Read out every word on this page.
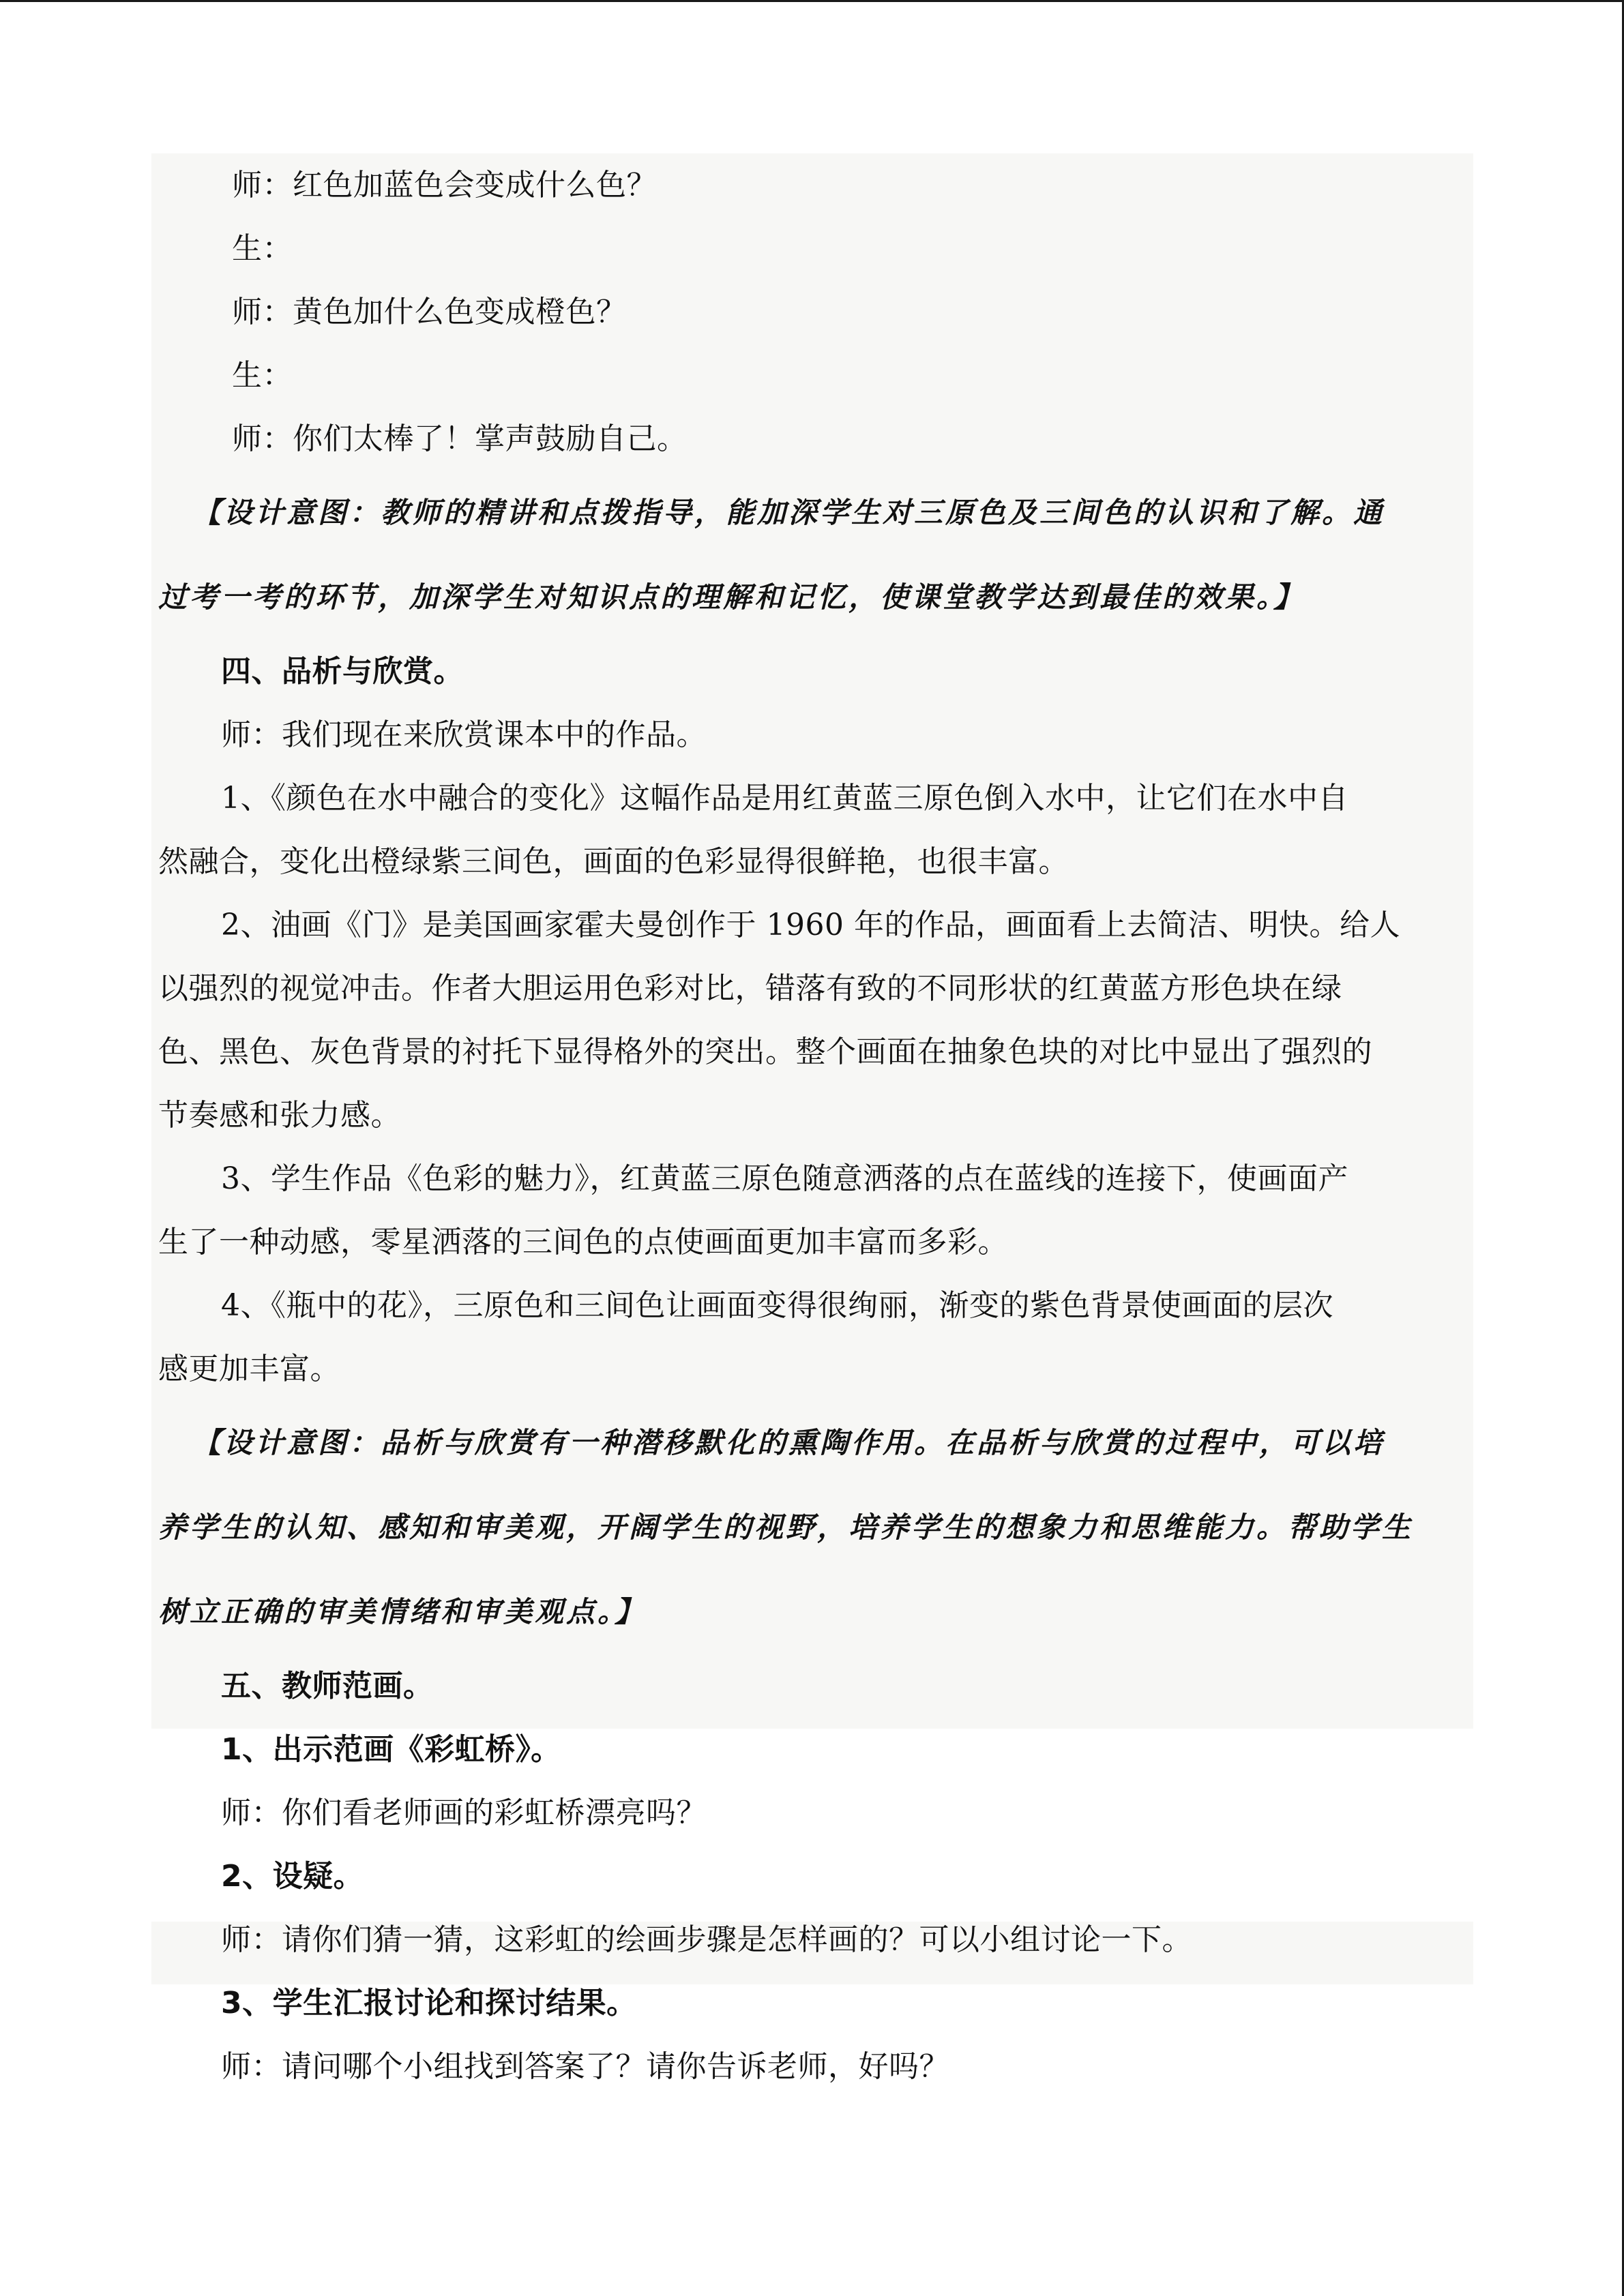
师：红色加蓝色会变成什么色？
生：
师：黄色加什么色变成橙色？
生：
师：你们太棒了！掌声鼓励自己。
【设计意图：教师的精讲和点拨指导，能加深学生对三原色及三间色的认识和了解。通
过考一考的环节，加深学生对知识点的理解和记忆，使课堂教学达到最佳的效果。】
四、品析与欣赏。
师：我们现在来欣赏课本中的作品。
1、《颜色在水中融合的变化》这幅作品是用红黄蓝三原色倒入水中，让它们在水中自
然融合，变化出橙绿紫三间色，画面的色彩显得很鲜艳，也很丰富。
2、油画《门》是美国画家霍夫曼创作于 1960 年的作品，画面看上去简洁、明快。给人
以强烈的视觉冲击。作者大胆运用色彩对比，错落有致的不同形状的红黄蓝方形色块在绿
色、黑色、灰色背景的衬托下显得格外的突出。整个画面在抽象色块的对比中显出了强烈的
节奏感和张力感。
3、学生作品《色彩的魅力》，红黄蓝三原色随意洒落的点在蓝线的连接下，使画面产
生了一种动感，零星洒落的三间色的点使画面更加丰富而多彩。
4、《瓶中的花》，三原色和三间色让画面变得很绚丽，渐变的紫色背景使画面的层次
感更加丰富。
【设计意图：品析与欣赏有一种潜移默化的熏陶作用。在品析与欣赏的过程中，可以培
养学生的认知、感知和审美观，开阔学生的视野，培养学生的想象力和思维能力。帮助学生
树立正确的审美情绪和审美观点。】
五、教师范画。
1、出示范画《彩虹桥》。
师：你们看老师画的彩虹桥漂亮吗？
2、设疑。
师：请你们猜一猜，这彩虹的绘画步骤是怎样画的？可以小组讨论一下。
3、学生汇报讨论和探讨结果。
师：请问哪个小组找到答案了？请你告诉老师，好吗？
